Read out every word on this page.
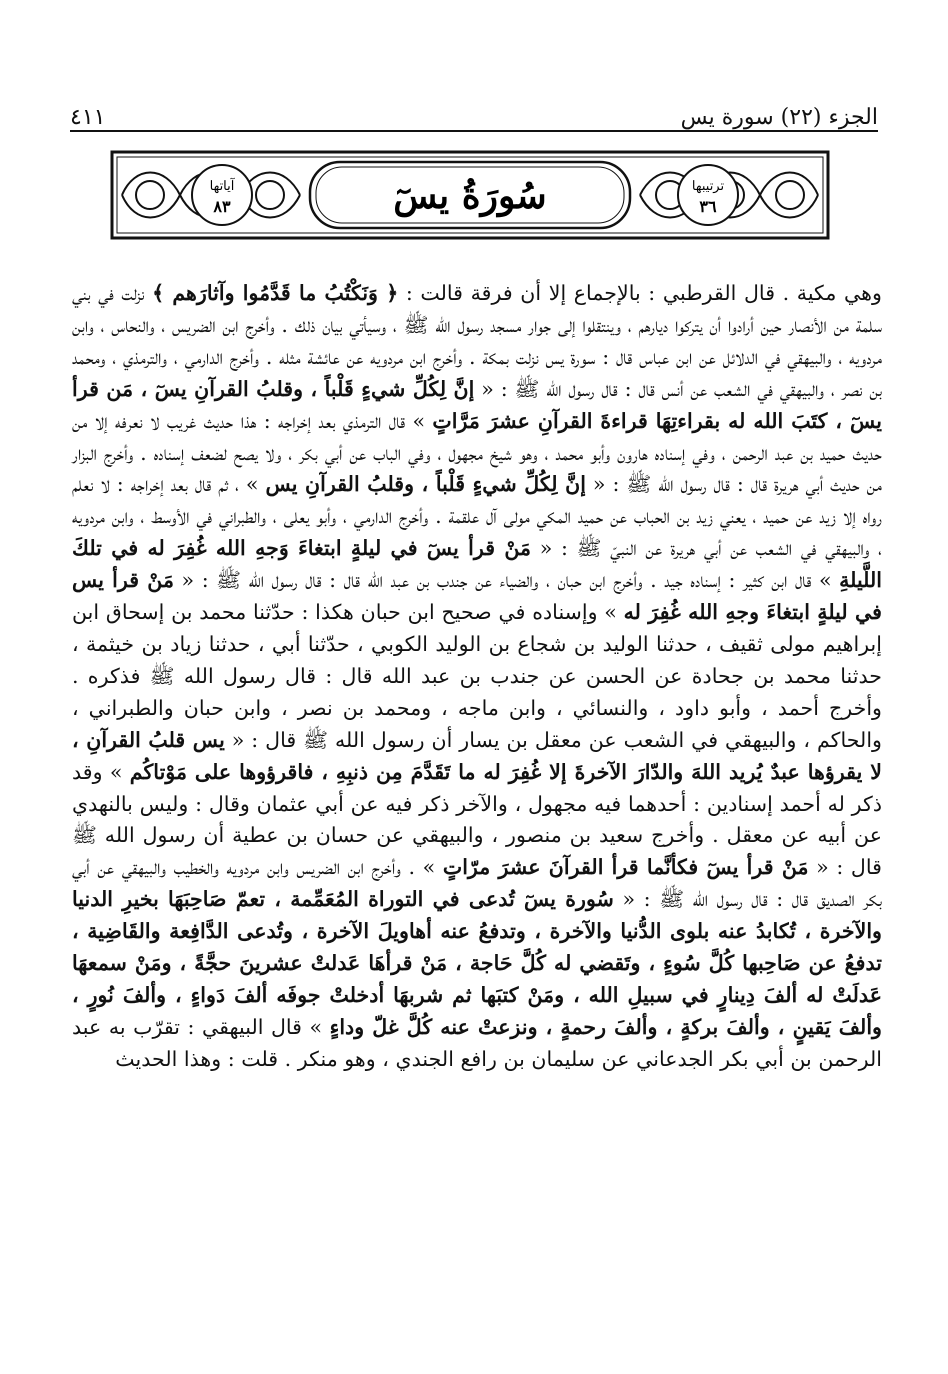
الجزء (٢٢) سورة يس
٤١١
ترتيبها
٣٦
آياتها
٨٣	سُورَةُ يسٓ

وهي مكية . قال القرطبي : بالإجماع إلا أن فرقة قالت : ﴿ وَنَكْتُبُ ما قَدَّمُوا وآثارَهم ﴾ نزلت في بني سلمة من الأنصار حين أرادوا أن يتركوا ديارهم ، وينتقلوا إلى جوار مسجد رسول الله ﷺ ، وسيأتي بيان ذلك . وأخرج ابن الضريس ، والنحاس ، وابن مردويه ، والبيهقي في الدلائل عن ابن عباس قال : سورة يس نزلت بمكة . وأخرج ابن مردويه عن عائشة مثله . وأخرج الدارمي ، والترمذي ، ومحمد بن نصر ، والبيهقي في الشعب عن أنس قال : قال رسول الله ﷺ : « إنَّ لِكُلِّ شيءٍ قَلْباً ، وقلبُ القرآنِ يسٓ ، مَن قرأ يسٓ ، كتَبَ الله له بقراءتِهَا قراءةَ القرآنِ عشرَ مَرَّاتٍ » قال الترمذي بعد إخراجه : هذا حديث غريب لا نعرفه إلا من حديث حميد بن عبد الرحمن ، وفي إسناده هارون وأبو محمد ، وهو شيخ مجهول ، وفي الباب عن أبي بكر ، ولا يصح لضعف إسناده . وأخرج البزار من حديث أبي هريرة قال : قال رسول الله ﷺ : « إنَّ لِكُلِّ شيءٍ قَلْباً ، وقلبُ القرآنِ يس » ، ثم قال بعد إخراجه : لا نعلم رواه إلا زيد عن حميد ، يعني زيد بن الحباب عن حميد المكي مولى آل علقمة . وأخرج الدارمي ، وأبو يعلى ، والطبراني في الأوسط ، وابن مردويه ، والبيهقي في الشعب عن أبي هريرة عن النبيّ ﷺ : « مَنْ قرأ يسٓ في ليلةٍ ابتغاءَ وَجهِ الله غُفِرَ له في تلكَ اللَّيلةِ » قال ابن كثير : إسناده جيد . وأخرج ابن حبان ، والضياء عن جندب بن عبد الله قال : قال رسول الله ﷺ : « مَنْ قرأ يس في ليلةٍ ابتغاءَ وجهِ الله غُفِرَ له » وإسناده في صحيح ابن حبان هكذا : حدّثنا محمد بن إسحاق ابن إبراهيم مولى ثقيف ، حدثنا الوليد بن شجاع بن الوليد الكوبي ، حدّثنا أبي ، حدثنا زياد بن خيثمة ، حدثنا محمد بن جحادة عن الحسن عن جندب بن عبد الله قال : قال رسول الله ﷺ فذكره . وأخرج أحمد ، وأبو داود ، والنسائي ، وابن ماجه ، ومحمد بن نصر ، وابن حبان والطبراني ، والحاكم ، والبيهقي في الشعب عن معقل بن يسار أن رسول الله ﷺ قال : « يس قلبُ القرآنِ ، لا يقرؤها عبدٌ يُريد اللهَ والدّارَ الآخرةَ إلا غُفِرَ له ما تَقَدَّمَ مِن ذنبِهِ ، فاقرؤوها على مَوْتاكُم » وقد ذكر له أحمد إسنادين : أحدهما فيه مجهول ، والآخر ذكر فيه عن أبي عثمان وقال : وليس بالنهدي عن أبيه عن معقل . وأخرج سعيد بن منصور ، والبيهقي عن حسان بن عطية أن رسول الله ﷺ قال : « مَنْ قرأ يسٓ فكأنَّما قرأ القرآنَ عشرَ مرّاتٍ » . وأخرج ابن الضريس وابن مردويه والخطيب والبيهقي عن أبي بكر الصديق قال : قال رسول الله ﷺ : « سُورة يسٓ تُدعى في التوراة المُعَمِّمة ، تعمّ صَاحِبَهَا بخيرِ الدنيا والآخرة ، تُكابدُ عنه بلوى الدُّنيا والآخرة ، وتدفعُ عنه أهاويلَ الآخرة ، وتُدعى الدَّافِعة والقَاضِية ، تدفعُ عن صَاحِبها كُلَّ سُوءٍ ، وتَقضي له كُلَّ حَاجة ، مَنْ قرأهَا عَدلتْ عشرينَ حجَّةً ، ومَنْ سمعهَا عَدلَتْ له ألفَ دِينارٍ في سبيلِ الله ، ومَنْ كتبَها ثم شربهَا أدخلتْ جوفَه ألفَ دَواءٍ ، وألفَ نُورٍ ، وألفَ يَقينٍ ، وألفَ بركةٍ ، وألفَ رحمةٍ ، ونزعتْ عنه كُلَّ غلّ وداءٍ » قال البيهقي : تقرّب به عبد الرحمن بن أبي بكر الجدعاني عن سليمان بن رافع الجندي ، وهو منكر . قلت : وهذا الحديث
